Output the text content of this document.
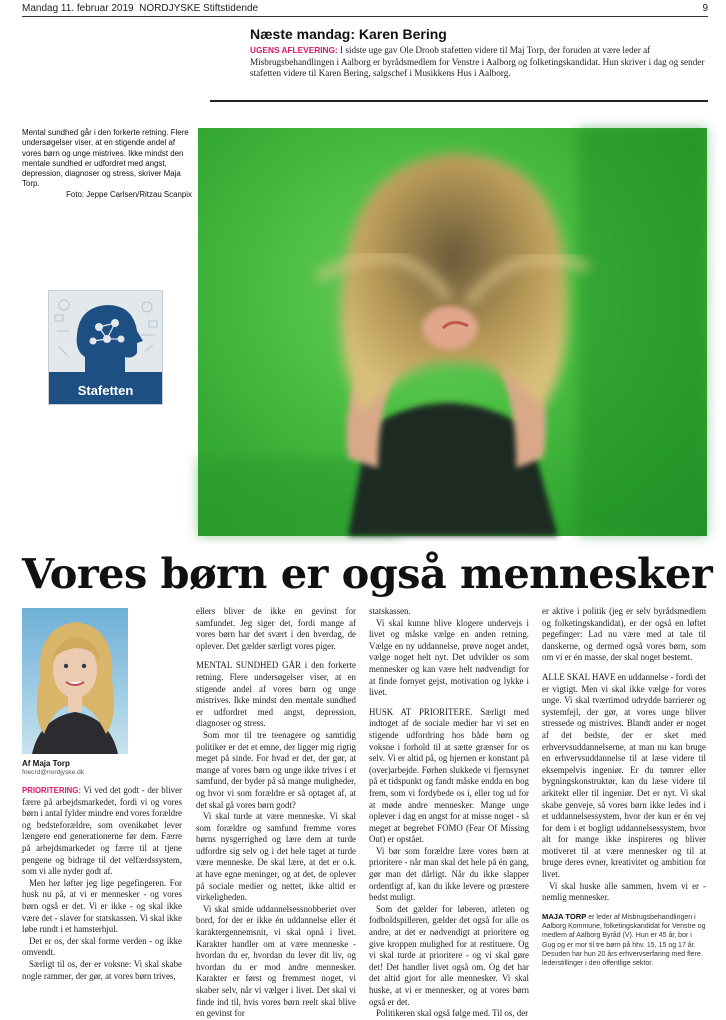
Mandag 11. februar 2019 NORDJYSKE Stiftstidende	9
Næste mandag: Karen Bering
UGENS AFLEVERING: I sidste uge gav Ole Droob stafetten videre til Maj Torp, der foruden at være leder af Misbrugsbehandlingen i Aalborg er byrådsmedlem for Venstre i Aalborg og folketingskandidat. Hun skriver i dag og sender stafetten videre til Karen Bering, salgschef i Musikkens Hus i Aalborg.
Mental sundhed går i den forkerte retning. Flere undersøgelser viser, at en stigende andel af vores børn og unge mistrives. Ikke mindst den mentale sundhed er udfordret med angst, depression, diagnoser og stress, skriver Maja Torp.
Foto: Jeppe Carlsen/Ritzau Scanpix
Stafetten
Vores børn er også mennesker
Af Maja Torp
fnecrd@nordjyske.dk

PRIORITERING: Vi ved det godt - der bliver færre på arbejdsmarkedet, fordi vi og vores børn i antal fylder mindre end vores forældre og bedsteforældre, som ovenikøbet lever længere end generationerne før dem. Færre på arbejdsmarkedet og færre til at tjene pengene og bidrage til det velfærdssystem, som vi alle nyder godt af.

Men her løfter jeg lige pegefingeren. For husk nu på, at vi er mennesker - og vores børn også er det. Vi er ikke - og skal ikke være det - slaver for statskassen. Vi skal ikke løbe rundt i et hamsterhjul.

Det er os, der skal forme verden - og ikke omvendt.

Særligt til os, der er voksne: Vi skal skabe nogle rammer, der gør, at vores børn trives,

ellers bliver de ikke en gevinst for samfundet. Jeg siger det, fordi mange af vores børn har det svært i den hverdag, de oplever. Det gælder særligt vores piger.

MENTAL SUNDHED GÅR i den forkerte retning. Flere undersøgelser viser, at en stigende andel af vores børn og unge mistrives. Ikke mindst den mentale sundhed er udfordret med angst, depression, diagnoser og stress.

Som mor til tre teenagere og samtidig politiker er det et emne, der ligger mig rigtig meget på sinde. For hvad er det, der gør, at mange af vores børn og unge ikke trives i et samfund, der byder på så mange muligheder, og hvor vi som forældre er så optaget af, at det skal gå vores børn godt?

Vi skal turde at være menneske. Vi skal som forældre og samfund fremme vores børns nysgerrighed og lære dem at turde udfordre sig selv og i det hele taget at turde være menneske. De skal lære, at det er o.k. at have egne meninger, og at det, de oplever på sociale medier og nettet, ikke altid er virkeligheden.

Vi skal smide uddannelsessnobberiet over bord, for der er ikke én uddannelse eller ét karaktergennemsnit, vi skal opnå i livet. Karakter handler om at være menneske - hvordan du er, hvordan du lever dit liv, og hvordan du er mod andre mennesker. Karakter er først og fremmest noget, vi skaber selv, når vi vælger i livet. Det skal vi finde ind til, hvis vores børn reelt skal blive en gevinst for

statskassen.

Vi skal kunne blive klogere undervejs i livet og måske vælge en anden retning. Vælge en ny uddannelse, prøve noget andet, vælge noget helt nyt. Det udvikler os som mennesker og kan være helt nødvendigt for at finde fornyet gejst, motivation og lykke i livet.

HUSK AT PRIORITERE. Særligt med indtoget af de sociale medier har vi set en stigende udfordring hos både børn og voksne i forhold til at sætte grænser for os selv. Vi er altid på, og hjernen er konstant på (over)arbejde. Førhen slukkede vi fjernsynet på et tidspunkt og fandt måske endda en bog frem, som vi fordybede os i, eller tog ud for at møde andre mennesker. Mange unge oplever i dag en angst for at misse noget - så meget at begrebet FOMO (Fear Of Missing Out) er opstået.

Vi bør som forældre lære vores børn at prioritere - når man skal det hele på én gang, gør man det dårligt. Når du ikke slapper ordentligt af, kan du ikke levere og præstere bedst muligt.

Som det gælder for løberen, atleten og fodboldspilleren, gælder det også for alle os andre, at det er nødvendigt at prioritere og give kroppen mulighed for at restituere. Og vi skal turde at prioritere - og vi skal gøre det! Det handler livet også om. Og det har det altid gjort for alle mennesker. Vi skal huske, at vi er mennesker, og at vores børn også er det.

Politikeren skal også følge med. Til os, der

er aktive i politik (jeg er selv byrådsmedlem og folketingskandidat), er der også en løftet pegefinger: Lad nu være med at tale til danskerne, og dermed også vores børn, som om vi er én masse, der skal noget bestemt.

ALLE SKAL HAVE en uddannelse - fordi det er vigtigt. Men vi skal ikke vælge for vores unge. Vi skal tværtimod udrydde barrierer og systemfejl, der gør, at vores unge bliver stressede og mistrives. Blandt ander er noget af det bedste, der er sket med erhvervsuddannelserne, at man nu kan bruge en erhvervsuddannelse til at læse videre til eksempelvis ingeniør. Er du tømrer eller bygningskonstruktør, kan du læse videre til arkitekt eller til ingeniør. Det er nyt. Vi skal skabe genveje, så vores børn ikke ledes ind i et uddannelsessystem, hvor der kun er én vej for dem i et bogligt uddannelsessystem, hvor alt for mange ikke inspireres og bliver motiveret til at være mennesker og til at bruge deres evner, kreativitet og ambition for livet.

Vi skal huske alle sammen, hvem vi er - nemlig mennesker.

MAJA TORP er leder af Misbrugsbehandlingen i Aalborg Kommune, folketingskandidat for Venstre og medlem af Aalborg Byråd (V). Hun er 45 år, bor i Gug og er mor til tre børn på hhv. 15, 15 og 17 år. Desuden har hun 20 års erhvervserfaring med flere lederstillinger i den offentlige sektor.
